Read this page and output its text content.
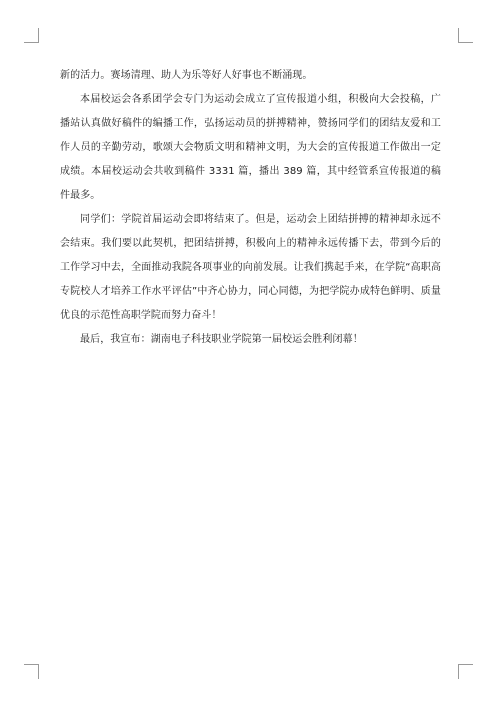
新的活力。赛场清理、助人为乐等好人好事也不断涌现。

本届校运会各系团学会专门为运动会成立了宣传报道小组，积极向大会投稿，广播站认真做好稿件的编播工作，弘扬运动员的拼搏精神，赞扬同学们的团结友爱和工作人员的辛勤劳动，歌颂大会物质文明和精神文明，为大会的宣传报道工作做出一定成绩。本届校运动会共收到稿件 3331 篇，播出 389 篇，其中经管系宣传报道的稿件最多。

同学们：学院首届运动会即将结束了。但是，运动会上团结拼搏的精神却永远不会结束。我们要以此契机，把团结拼搏，积极向上的精神永远传播下去，带到今后的工作学习中去，全面推动我院各项事业的向前发展。让我们携起手来，在学院“高职高专院校人才培养工作水平评估”中齐心协力，同心同德，为把学院办成特色鲜明、质量优良的示范性高职学院而努力奋斗！

最后，我宣布：湖南电子科技职业学院第一届校运会胜利闭幕！
